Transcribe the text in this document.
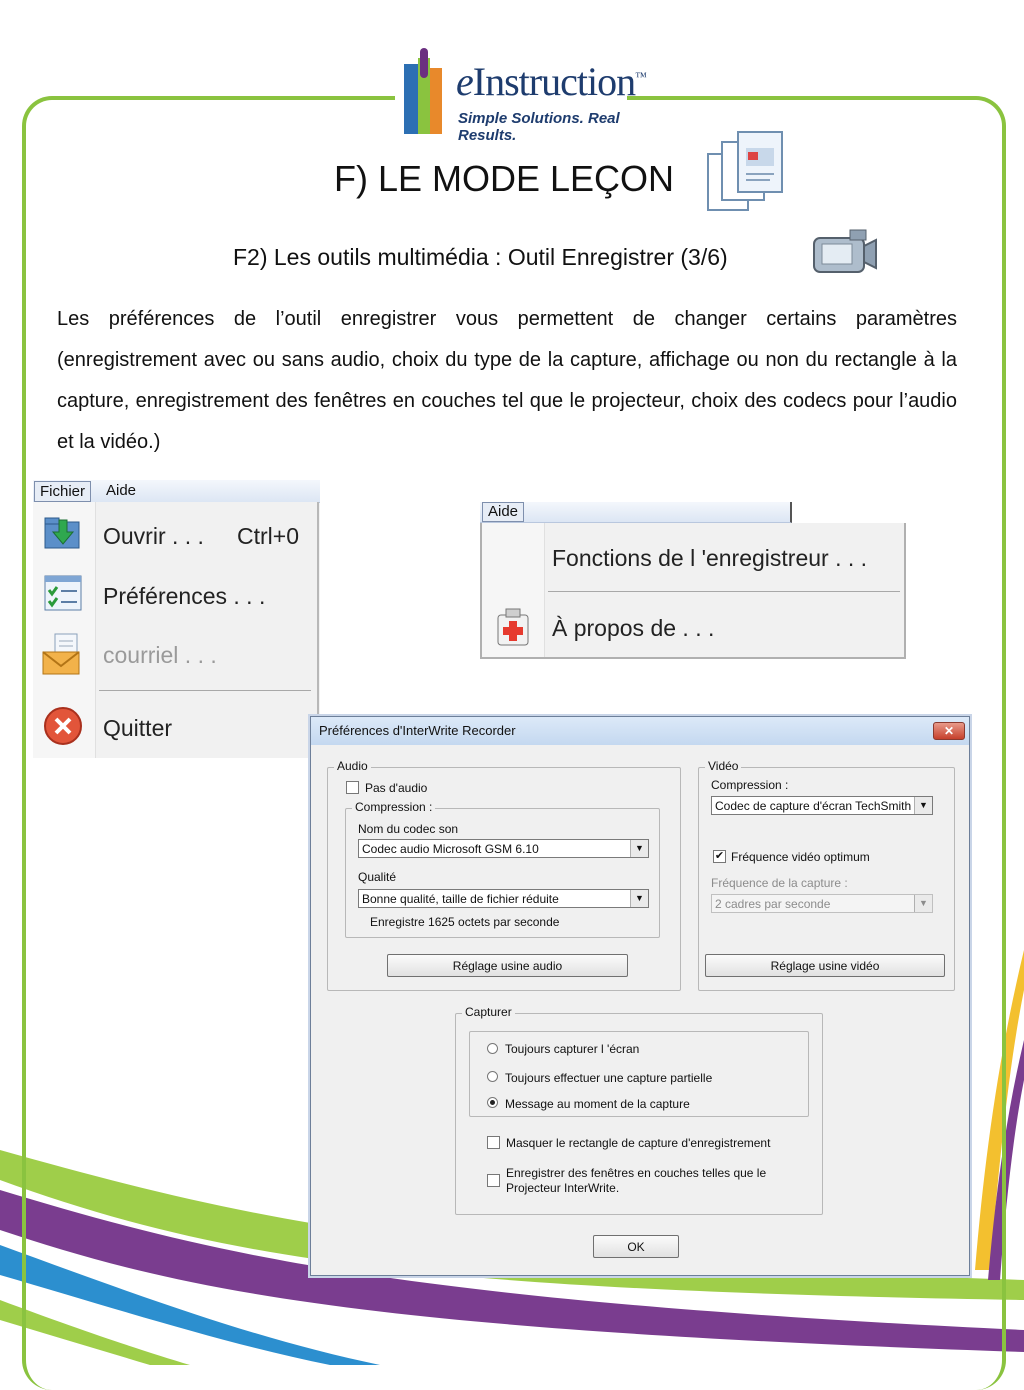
eInstruction™
Simple Solutions. Real Results.
F) LE MODE LEÇON
F2) Les outils multimédia : Outil Enregistrer (3/6)
Les préférences de l’outil enregistrer vous permettent de changer certains paramètres (enregistrement avec ou sans audio, choix du type de la capture, affichage ou non du rectangle à la capture, enregistrement des fenêtres en couches tel que le projecteur, choix des codecs pour l’audio et la vidéo.)
Fichier	Aide
Ouvrir . . . Ctrl+0
Préférences . . .
courriel . . .
Quitter
Aide
Fonctions de l 'enregistreur . . .
À propos de . . .
Préférences d'InterWrite Recorder	✕
Audio
Pas d'audio
Compression :
Nom du codec son
Codec audio Microsoft GSM 6.10	▼
Qualité
Bonne qualité, taille de fichier réduite	▼
Enregistre 1625 octets par seconde
Réglage usine audio
Vidéo
Compression :
Codec de capture d'écran TechSmith ▼
✔ Fréquence vidéo optimum
Fréquence de la capture :
2 cadres par seconde	▼
Réglage usine vidéo
Capturer
Toujours capturer l 'écran
Toujours effectuer une capture partielle
Message au moment de la capture
Masquer le rectangle de capture d'enregistrement
Enregistrer des fenêtres en couches telles que le
Projecteur InterWrite.
OK
